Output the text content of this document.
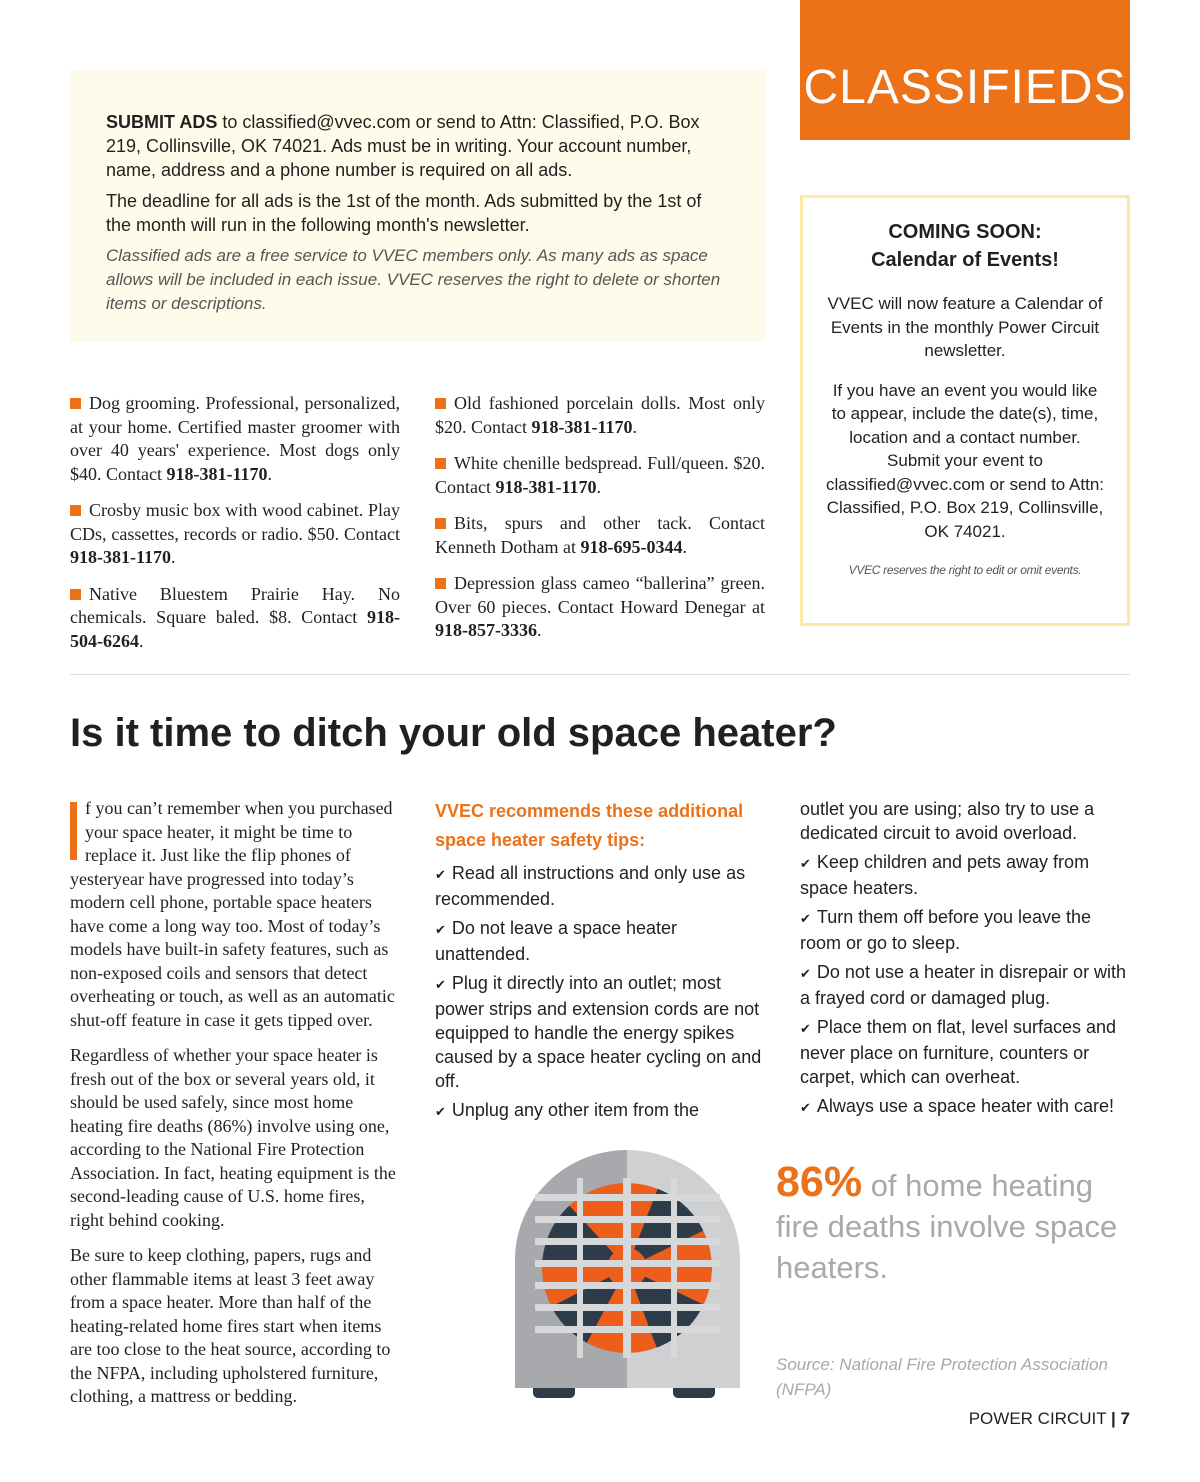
CLASSIFIEDS

SUBMIT ADS to classified@vvec.com or send to Attn: Classified, P.O. Box 219, Collinsville, OK 74021. Ads must be in writing. Your account number, name, address and a phone number is required on all ads.

The deadline for all ads is the 1st of the month. Ads submitted by the 1st of the month will run in the following month's newsletter.

Classified ads are a free service to VVEC members only. As many ads as space allows will be included in each issue. VVEC reserves the right to delete or shorten items or descriptions.

COMING SOON:
Calendar of Events!

VVEC will now feature a Calendar of Events in the monthly Power Circuit newsletter.

If you have an event you would like to appear, include the date(s), time, location and a contact number. Submit your event to classified@vvec.com or send to Attn: Classified, P.O. Box 219, Collinsville, OK 74021.

VVEC reserves the right to edit or omit events.

Dog grooming. Professional, personalized, at your home. Certified master groomer with over 40 years' experience. Most dogs only $40. Contact 918-381-1170.

Crosby music box with wood cabinet. Play CDs, cassettes, records or radio. $50. Contact 918-381-1170.

Native Bluestem Prairie Hay. No chemicals. Square baled. $8. Contact 918-504-6264.

Old fashioned porcelain dolls. Most only $20. Contact 918-381-1170.

White chenille bedspread. Full/queen. $20. Contact 918-381-1170.

Bits, spurs and other tack. Contact Kenneth Dotham at 918-695-0344.

Depression glass cameo “ballerina” green. Over 60 pieces. Contact Howard Denegar at 918-857-3336.

Is it time to ditch your old space heater?

f you can’t remember when you purchased your space heater, it might be time to replace it. Just like the flip phones of yesteryear have progressed into today’s modern cell phone, portable space heaters have come a long way too. Most of today’s models have built-in safety features, such as non-exposed coils and sensors that detect overheating or touch, as well as an automatic shut-off feature in case it gets tipped over.

Regardless of whether your space heater is fresh out of the box or several years old, it should be used safely, since most home heating fire deaths (86%) involve using one, according to the National Fire Protection Association. In fact, heating equipment is the second-leading cause of U.S. home fires, right behind cooking.

Be sure to keep clothing, papers, rugs and other flammable items at least 3 feet away from a space heater. More than half of the heating-related home fires start when items are too close to the heat source, according to the NFPA, including upholstered furniture, clothing, a mattress or bedding.

VVEC recommends these additional space heater safety tips:
✔ Read all instructions and only use as recommended.
✔ Do not leave a space heater unattended.
✔ Plug it directly into an outlet; most power strips and extension cords are not equipped to handle the energy spikes caused by a space heater cycling on and off.
✔ Unplug any other item from the
outlet you are using; also try to use a dedicated circuit to avoid overload.
✔ Keep children and pets away from space heaters.
✔ Turn them off before you leave the room or go to sleep.
✔ Do not use a heater in disrepair or with a frayed cord or damaged plug.
✔ Place them on flat, level surfaces and never place on furniture, counters or carpet, which can overheat.
✔ Always use a space heater with care!
86% of home heating fire deaths involve space heaters.
Source: National Fire Protection Association (NFPA)
POWER CIRCUIT | 7
